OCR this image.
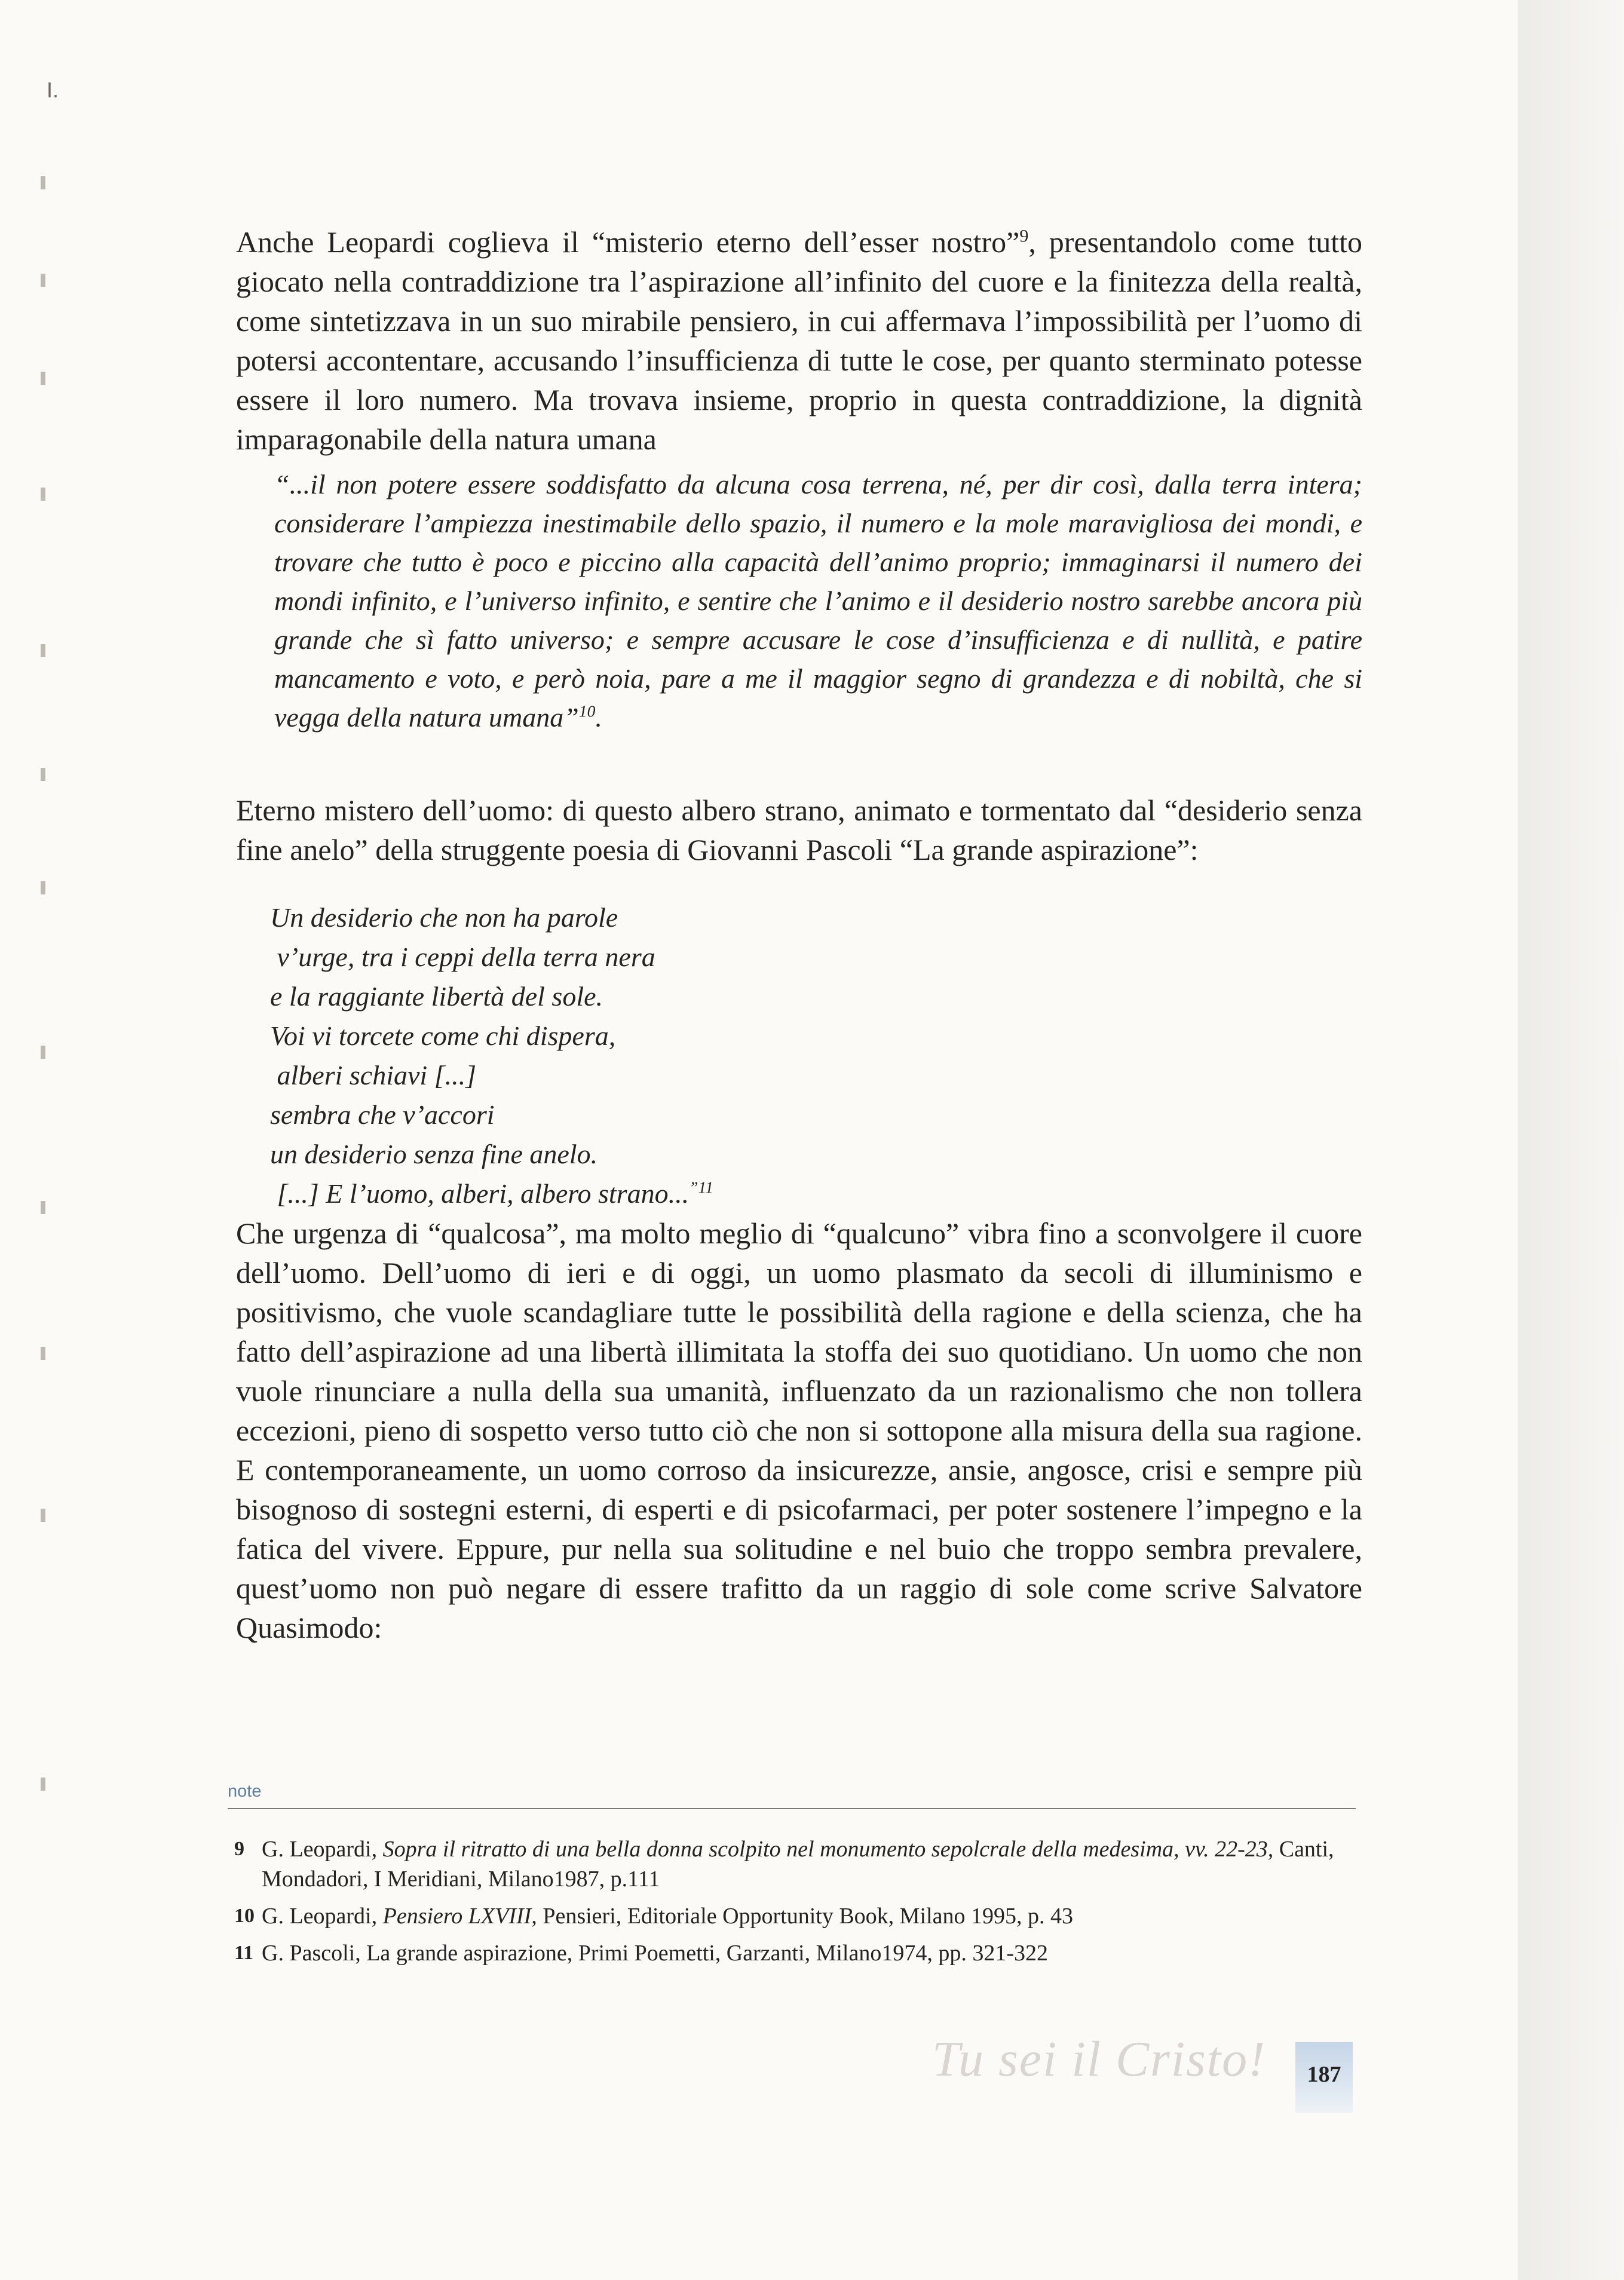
I.

Anche Leopardi coglieva il “misterio eterno dell’esser nostro”$^9$, presentandolo come tutto giocato nella contraddizione tra l’aspirazione all’infinito del cuore e la finitezza della realtà, come sintetizzava in un suo mirabile pensiero, in cui affermava l’impossibilità per l’uomo di potersi accontentare, accusando l’insufficienza di tutte le cose, per quanto sterminato potesse essere il loro numero. Ma trovava insieme, proprio in questa contraddizione, la dignità imparagonabile della natura umana

“...il non potere essere soddisfatto da alcuna cosa terrena, né, per dir così, dalla terra intera; considerare l’ampiezza inestimabile dello spazio, il numero e la mole maravigliosa dei mondi, e trovare che tutto è poco e piccino alla capacità dell’animo proprio; immaginarsi il numero dei mondi infinito, e l’universo infinito, e sentire che l’animo e il desiderio nostro sarebbe ancora più grande che sì fatto universo; e sempre accusare le cose d’insufficienza e di nullità, e patire mancamento e voto, e però noia, pare a me il maggior segno di grandezza e di nobiltà, che si vegga della natura umana”$^{10}$.

Eterno mistero dell’uomo: di questo albero strano, animato e tormentato dal “desiderio senza fine anelo” della struggente poesia di Giovanni Pascoli “La grande aspirazione”:

Un desiderio che non ha parole
v’urge, tra i ceppi della terra nera
e la raggiante libertà del sole.
Voi vi torcete come chi dispera,
alberi schiavi [...]
sembra che v’accori
un desiderio senza fine anelo.
[...] E l’uomo, alberi, albero strano...$^{”11}$

Che urgenza di “qualcosa”, ma molto meglio di “qualcuno” vibra fino a sconvolgere il cuore dell’uomo. Dell’uomo di ieri e di oggi, un uomo plasmato da secoli di illuminismo e positivismo, che vuole scandagliare tutte le possibilità della ragione e della scienza, che ha fatto dell’aspirazione ad una libertà illimitata la stoffa dei suo quotidiano. Un uomo che non vuole rinunciare a nulla della sua umanità, influenzato da un razionalismo che non tollera eccezioni, pieno di sospetto verso tutto ciò che non si sottopone alla misura della sua ragione. E contemporaneamente, un uomo corroso da insicurezze, ansie, angosce, crisi e sempre più bisognoso di sostegni esterni, di esperti e di psicofarmaci, per poter sostenere l’impegno e la fatica del vivere. Eppure, pur nella sua solitudine e nel buio che troppo sembra prevalere, quest’uomo non può negare di essere trafitto da un raggio di sole come scrive Salvatore Quasimodo:

note
9 G. Leopardi, Sopra il ritratto di una bella donna scolpito nel monumento sepolcrale della medesima, vv. 22-23, Canti, Mondadori, I Meridiani, Milano1987, p.111
10 G. Leopardi, Pensiero LXVIII, Pensieri, Editoriale Opportunity Book, Milano 1995, p. 43
11 G. Pascoli, La grande aspirazione, Primi Poemetti, Garzanti, Milano1974, pp. 321-322
Tu sei il Cristo!	187
